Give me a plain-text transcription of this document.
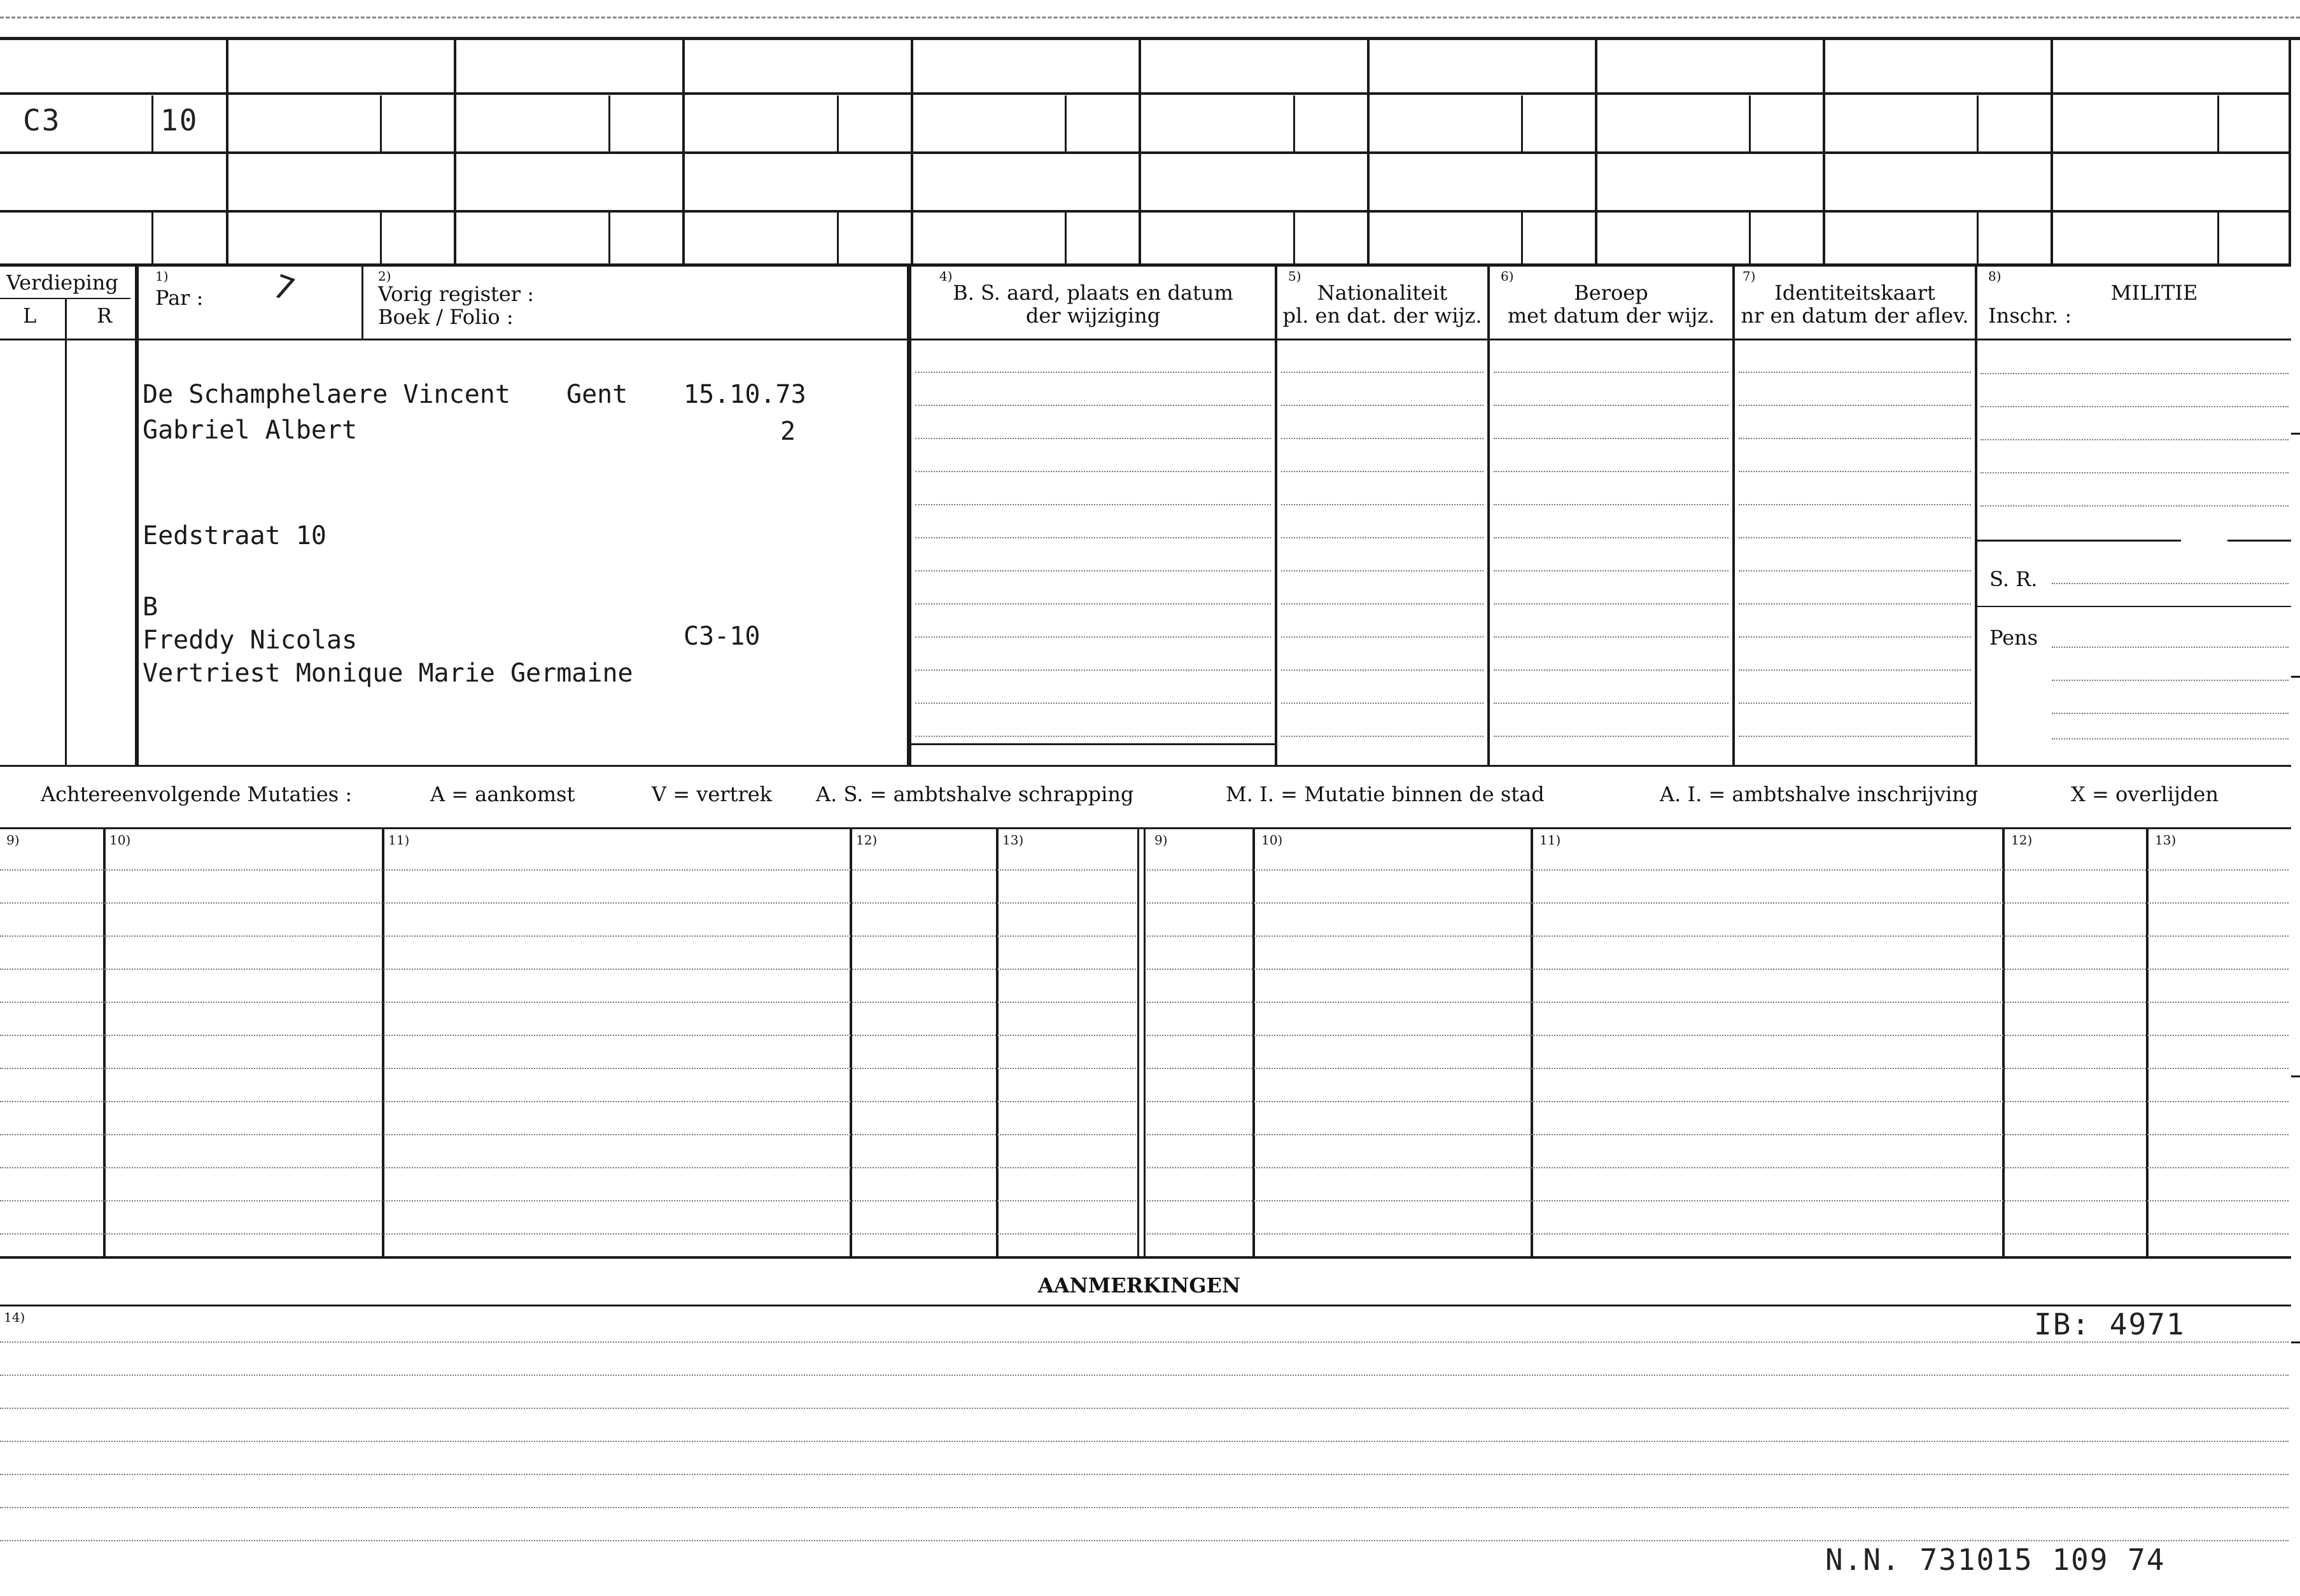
C3	10
Verdieping
L	R
1)
Par : 7	2)
Vorig register :
Boek / Folio :
4)
B. S. aard, plaats en datum
der wijziging
5)
Nationaliteit
pl. en dat. der wijz.
6)
Beroep
met datum der wijz.
7)
Identiteitskaart
nr en datum der aflev.
8)
MILITIE
Inschr. :
S. R.
Pens
De Schamphelaere Vincent Gent 15.10.73
Gabriel Albert	2
Eedstraat 10
B
Freddy Nicolas	C3-10
Vertriest Monique Marie Germaine
Achtereenvolgende Mutaties :	A = aankomst	V = vertrek A. S. = ambtshalve schrapping	M. I. = Mutatie binnen de stad	A. I. = ambtshalve inschrijving	X = overlijden
9)	10)	11)	12)	13)	9)	10)	11)	12)	13)
AANMERKINGEN
14)	IB: 4971
N.N. 731015 109 74
